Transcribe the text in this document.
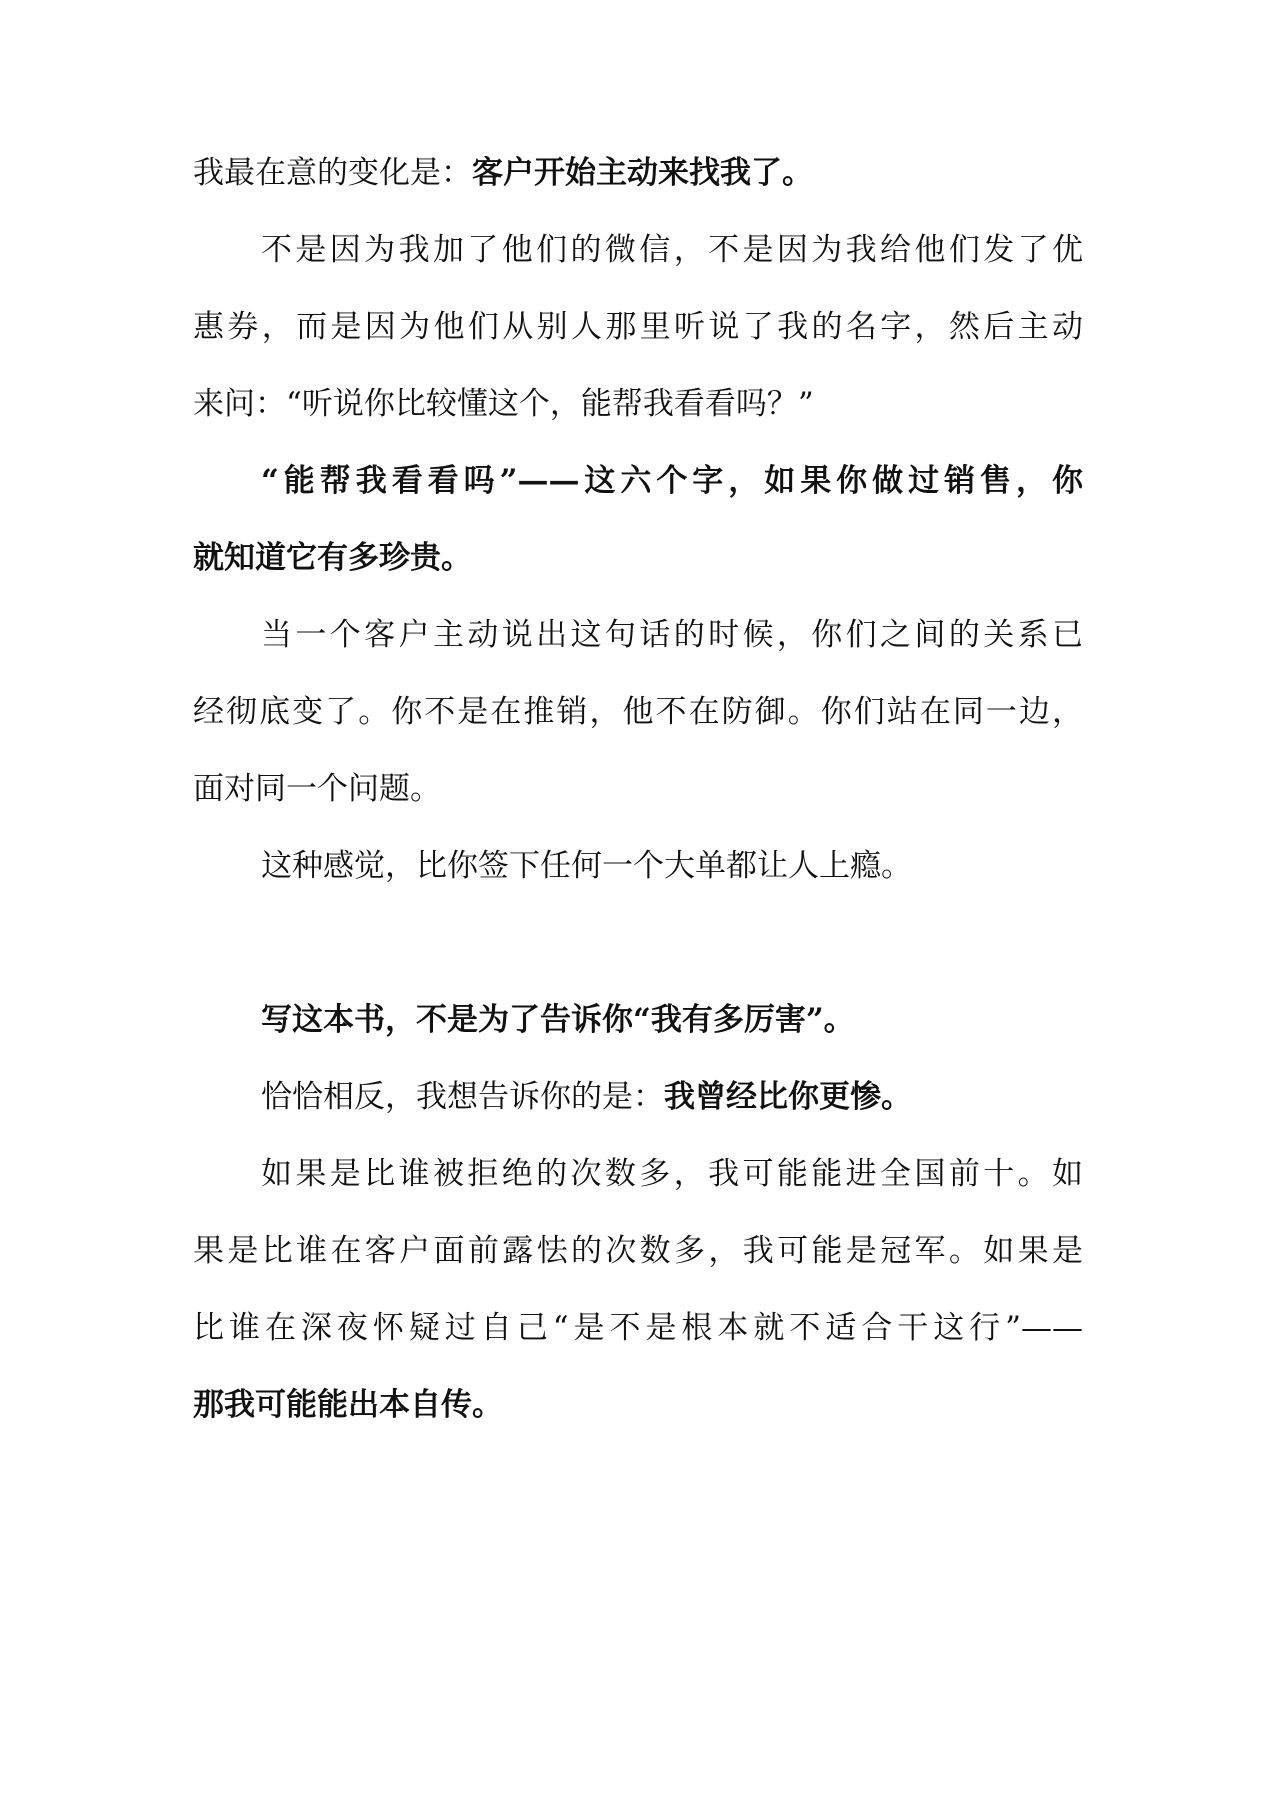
我最在意的变化是：客户开始主动来找我了。

不是因为我加了他们的微信，不是因为我给他们发了优

惠券，而是因为他们从别人那里听说了我的名字，然后主动

来问：“听说你比较懂这个，能帮我看看吗？”

“能帮我看看吗”——这六个字，如果你做过销售，你

就知道它有多珍贵。

当一个客户主动说出这句话的时候，你们之间的关系已

经彻底变了。你不是在推销，他不在防御。你们站在同一边，

面对同一个问题。

这种感觉，比你签下任何一个大单都让人上瘾。

写这本书，不是为了告诉你“我有多厉害”。

恰恰相反，我想告诉你的是：我曾经比你更惨。

如果是比谁被拒绝的次数多，我可能能进全国前十。如

果是比谁在客户面前露怯的次数多，我可能是冠军。如果是

比谁在深夜怀疑过自己“是不是根本就不适合干这行”——

那我可能能出本自传。
